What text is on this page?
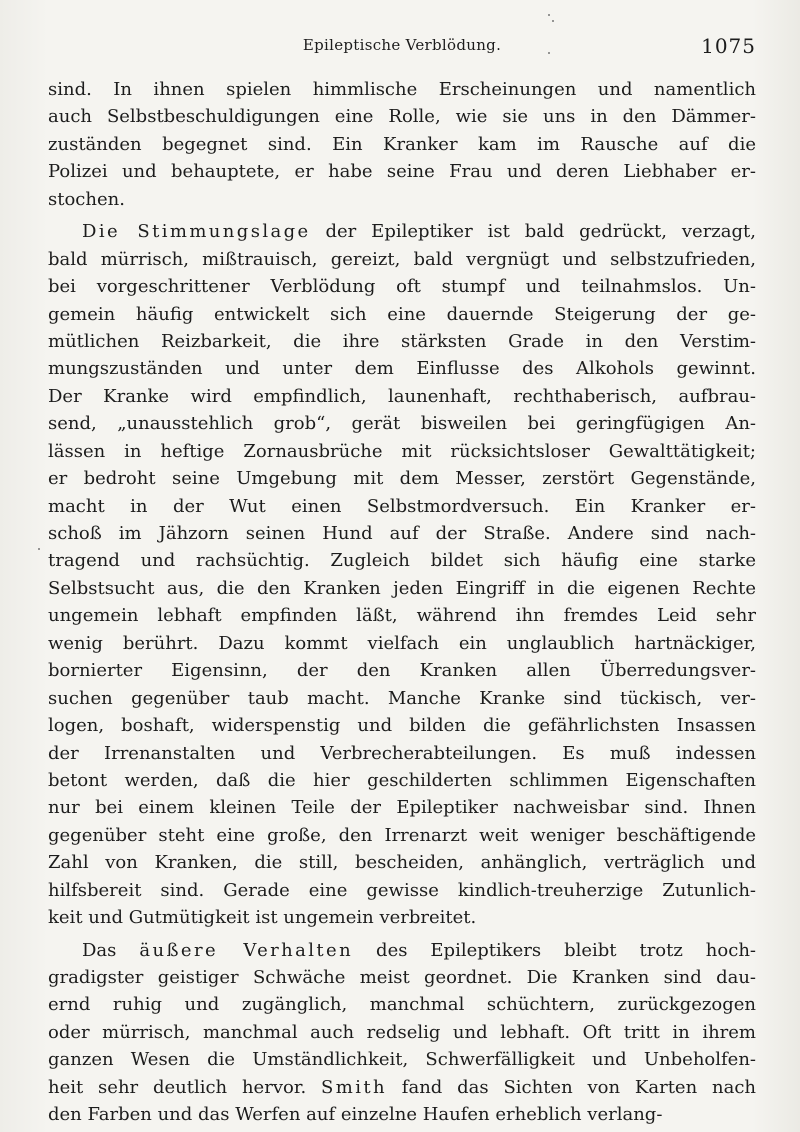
Epileptische Verblödung.	1075
sind. In ihnen spielen himmlische Erscheinungen und namentlich
auch Selbstbeschuldigungen eine Rolle, wie sie uns in den Dämmer-
zuständen begegnet sind. Ein Kranker kam im Rausche auf die
Polizei und behauptete, er habe seine Frau und deren Liebhaber er-
stochen.
Die Stimmungslage der Epileptiker ist bald gedrückt, verzagt,
bald mürrisch, mißtrauisch, gereizt, bald vergnügt und selbstzufrieden,
bei vorgeschrittener Verblödung oft stumpf und teilnahmslos. Un-
gemein häufig entwickelt sich eine dauernde Steigerung der ge-
mütlichen Reizbarkeit, die ihre stärksten Grade in den Verstim-
mungszuständen und unter dem Einflusse des Alkohols gewinnt.
Der Kranke wird empfindlich, launenhaft, rechthaberisch, aufbrau-
send, „unausstehlich grob“, gerät bisweilen bei geringfügigen An-
lässen in heftige Zornausbrüche mit rücksichtsloser Gewalttätigkeit;
er bedroht seine Umgebung mit dem Messer, zerstört Gegenstände,
macht in der Wut einen Selbstmordversuch. Ein Kranker er-
schoß im Jähzorn seinen Hund auf der Straße. Andere sind nach-
tragend und rachsüchtig. Zugleich bildet sich häufig eine starke
Selbstsucht aus, die den Kranken jeden Eingriff in die eigenen Rechte
ungemein lebhaft empfinden läßt, während ihn fremdes Leid sehr
wenig berührt. Dazu kommt vielfach ein unglaublich hartnäckiger,
bornierter Eigensinn, der den Kranken allen Überredungsver-
suchen gegenüber taub macht. Manche Kranke sind tückisch, ver-
logen, boshaft, widerspenstig und bilden die gefährlichsten Insassen
der Irrenanstalten und Verbrecherabteilungen. Es muß indessen
betont werden, daß die hier geschilderten schlimmen Eigenschaften
nur bei einem kleinen Teile der Epileptiker nachweisbar sind. Ihnen
gegenüber steht eine große, den Irrenarzt weit weniger beschäftigende
Zahl von Kranken, die still, bescheiden, anhänglich, verträglich und
hilfsbereit sind. Gerade eine gewisse kindlich-treuherzige Zutunlich-
keit und Gutmütigkeit ist ungemein verbreitet.
Das äußere Verhalten des Epileptikers bleibt trotz hoch-
gradigster geistiger Schwäche meist geordnet. Die Kranken sind dau-
ernd ruhig und zugänglich, manchmal schüchtern, zurückgezogen
oder mürrisch, manchmal auch redselig und lebhaft. Oft tritt in ihrem
ganzen Wesen die Umständlichkeit, Schwerfälligkeit und Unbeholfen-
heit sehr deutlich hervor. Smith fand das Sichten von Karten nach
den Farben und das Werfen auf einzelne Haufen erheblich verlang-
